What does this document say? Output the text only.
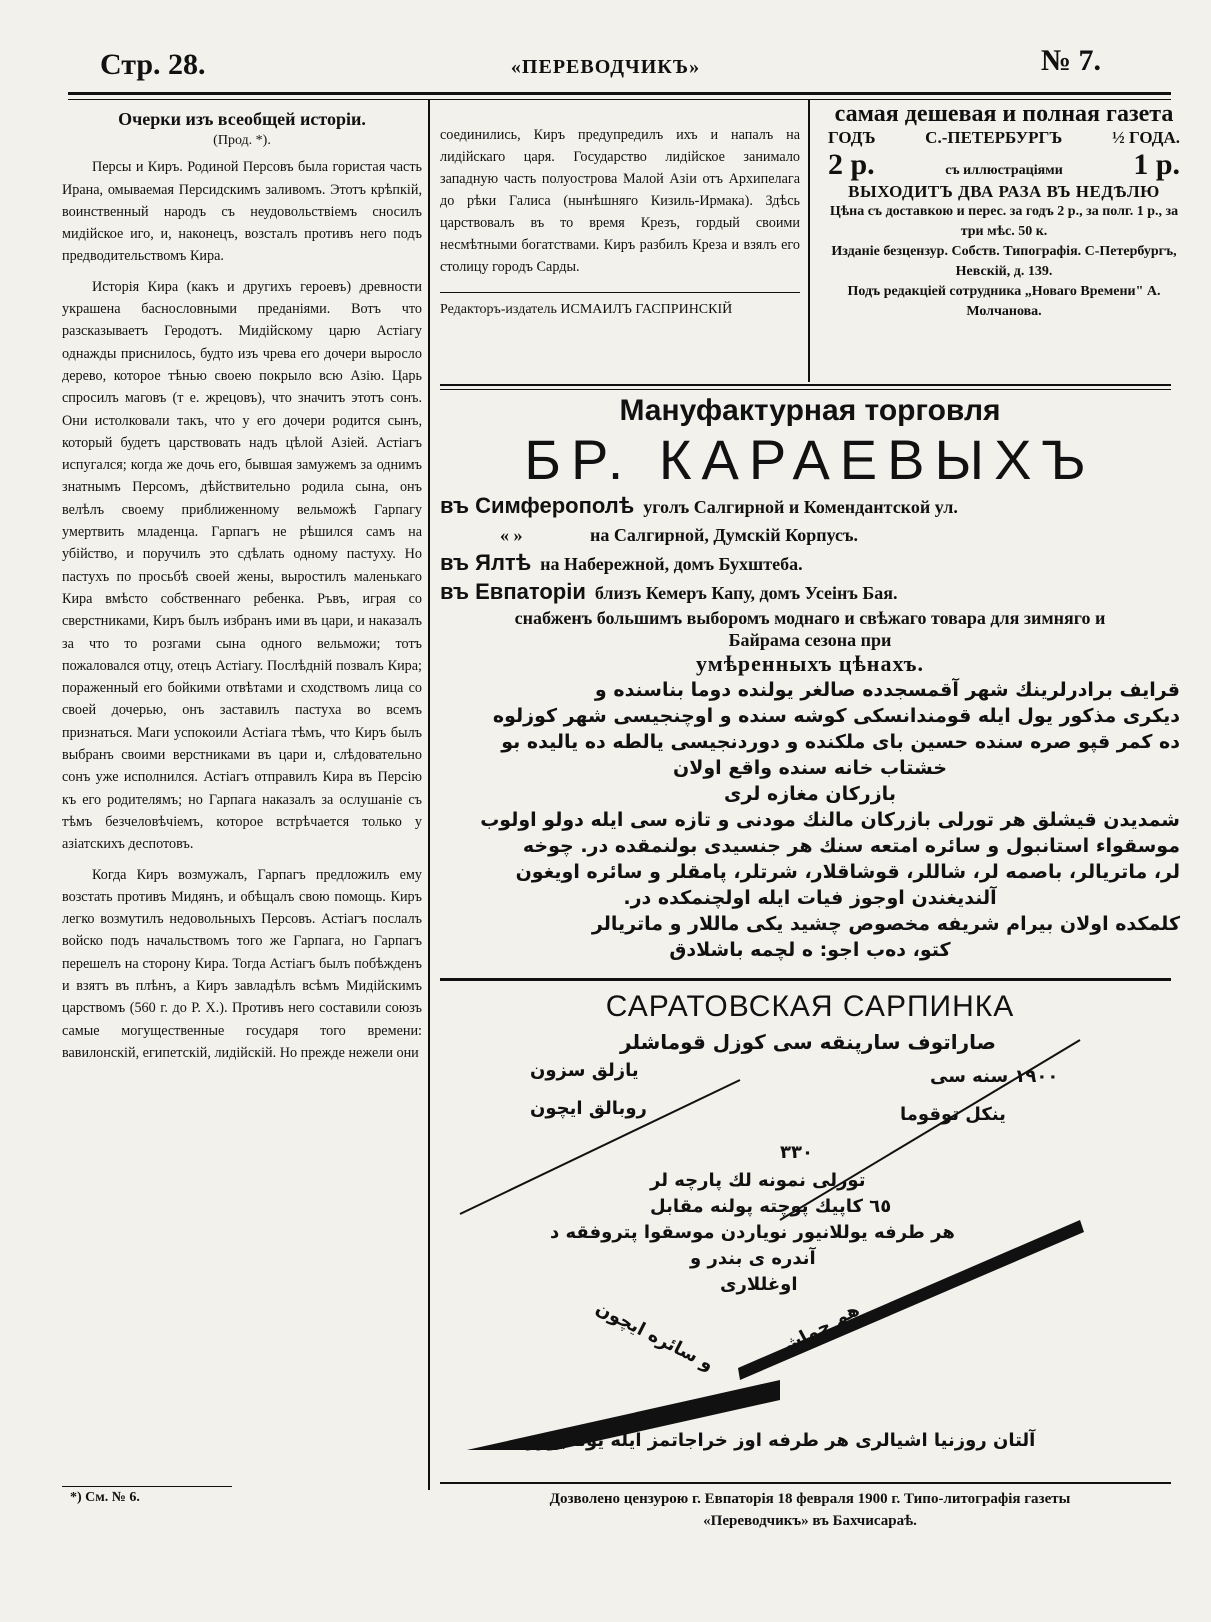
Стр. 28.	«ПЕРЕВОДЧИКЪ»	№ 7.
Очерки изъ всеобщей исторіи.
(Прод. *).

Персы и Киръ. Родиной Персовъ была гористая часть Ирана, омываемая Персидскимъ заливомъ. Этотъ крѣпкій, воинственный народъ съ неудовольствіемъ сносилъ мидійское иго, и, наконецъ, возсталъ противъ него подъ предводительствомъ Кира.

Исторія Кира (какъ и другихъ героевъ) древности украшена баснословными преданіями. Вотъ что разсказываетъ Геродотъ. Мидійскому царю Астіагу однажды приснилось, будто изъ чрева его дочери выросло дерево, которое тѣнью своею покрыло всю Азію. Царь спросилъ маговъ (т е. жрецовъ), что значитъ этотъ сонъ. Они истолковали такъ, что у его дочери родится сынъ, который будетъ царствовать надъ цѣлой Азіей. Астіагъ испугался; когда же дочь его, бывшая замужемъ за однимъ знатнымъ Персомъ, дѣйствительно родила сына, онъ велѣлъ своему приближенному вельможѣ Гарпагу умертвить младенца. Гарпагъ не рѣшился самъ на убійство, и поручилъ это сдѣлать одному пастуху. Но пастухъ по просьбѣ своей жены, выростилъ маленькаго Кира вмѣсто собственнаго ребенка. Ръвъ, играя со сверстниками, Киръ былъ избранъ ими въ цари, и наказалъ за что то розгами сына одного вельможи; тотъ пожаловался отцу, отецъ Астіагу. Послѣдній позвалъ Кира; пораженный его бойкими отвѣтами и сходствомъ лица со своей дочерью, онъ заставилъ пастуха во всемъ признаться. Маги успокоили Астіага тѣмъ, что Киръ былъ выбранъ своими верстниками въ цари и, слѣдовательно сонъ уже исполнился. Астіагъ отправилъ Кира въ Персію къ его родителямъ; но Гарпага наказалъ за ослушаніе съ тѣмъ безчеловѣчіемъ, которое встрѣчается только у азіатскихъ деспотовъ.

Когда Киръ возмужалъ, Гарпагъ предложилъ ему возстать противъ Мидянъ, и обѣщалъ свою помощь. Киръ легко возмутилъ недовольныхъ Персовъ. Астіагъ послалъ войско подъ начальствомъ того же Гарпага, но Гарпагъ перешелъ на сторону Кира. Тогда Астіагъ былъ побѣжденъ и взятъ въ плѣнъ, а Киръ завладѣлъ всѣмъ Мидійскимъ царствомъ (560 г. до Р. Х.). Противъ него составили союзъ самые могущественные государя того времени: вавилонскій, египетскій, лидійскій. Но прежде нежели они

соединились, Киръ предупредилъ ихъ и напалъ на лидійскаго царя. Государство лидійское занимало западную часть полуострова Малой Азіи отъ Архипелага до рѣки Галиса (нынѣшняго Кизиль-Ирмака). Здѣсь царствовалъ въ то время Крезъ, гордый своими несмѣтными богатствами. Киръ разбилъ Креза и взялъ его столицу городъ Сарды.
Редакторъ-издатель ИСМАИЛЪ ГАСПРИНСКІЙ
самая дешевая и полная газета
ГОДЪ	С.-ПЕТЕРБУРГЪ	½ ГОДА.
2 р.	съ иллюстраціями 1 р.
ВЫХОДИТЪ ДВА РАЗА ВЪ НЕДѢЛЮ
Цѣна съ доставкою и перес. за годъ 2 р., за полг. 1 р., за три мѣс. 50 к.
Изданіе безцензур. Собств. Типографія. С-Петербургъ, Невскій, д. 139.
Подъ редакціей сотрудника „Новаго Времени" А. Молчанова.
Мануфактурная торговля
БР. КАРАЕВЫХЪ
въ Симферополѣ уголъ Салгирной и Комендантской ул.
« »	на Салгирной, Думскій Корпусъ.
въ Ялтѣ на Набережной, домъ Бухштеба.
въ Евпаторіи близъ Кемеръ Капу, домъ Усеінъ Бая.
снабженъ большимъ выборомъ моднаго и свѣжаго товара для зимняго и Байрама сезона при
умѣренныхъ цѣнахъ.
قرايف برادرلرينك شهر آقمسجدده صالغر يولنده دوما بناسنده و
ديكرى مذكور يول ايله قومندانسكى كوشه سنده و اوچنجيسى شهر كوزلوه
ده كمر قپو صره سنده حسين باى ملكنده و دوردنجيسى يالطه ده ياليده بو
خشتاب خانه سنده واقع اولان
بازركان مغازه لرى
شمديدن قيشلق هر تورلى بازركان مالنك مودنى و تازه سى ايله دولو اولوب
موسقواء استانبول و سائره امتعه سنك هر جنسيدى بولنمقده در. چوخه
لر، ماتريالر، باصمه لر، شاللر، قوشاقلار، شرتلر، پامقلر و سائره اويغون
آلنديغندن اوجوز فيات ايله اولچنمكده در.
كلمكده اولان بيرام شريفه مخصوص چشيد يكى ماللار و ماتريالر
كتو، ده‌ب اجو: ه لچمه باشلادق
САРАТОВСКАЯ САРПИНКА
صاراتوف سارپنقه سى كوزل قوماشلر
١٩٠٠ سنه سى
يازلق سزون
ينكل توقوما
روبالق ايچون
٣٣٠
تورلى نمونه لك پارچه لر
٦٥ كاپيك پوچته پولنه مقابل
هر طرفه يوللانيور نوياردن موسقوا پتروفقه د
آندره ى بندر و
اوغللارى
و سائره ايچون	هم چماشر
آلتان روزنيا اشيالرى هر طرفه اوز خراجاتمز ايله يوللايورز.
Дозволено цензурою г. Евпаторія 18 февраля 1900 г. Типо-литографія газеты
«Переводчикъ» въ Бахчисараѣ.
*) См. № 6.
